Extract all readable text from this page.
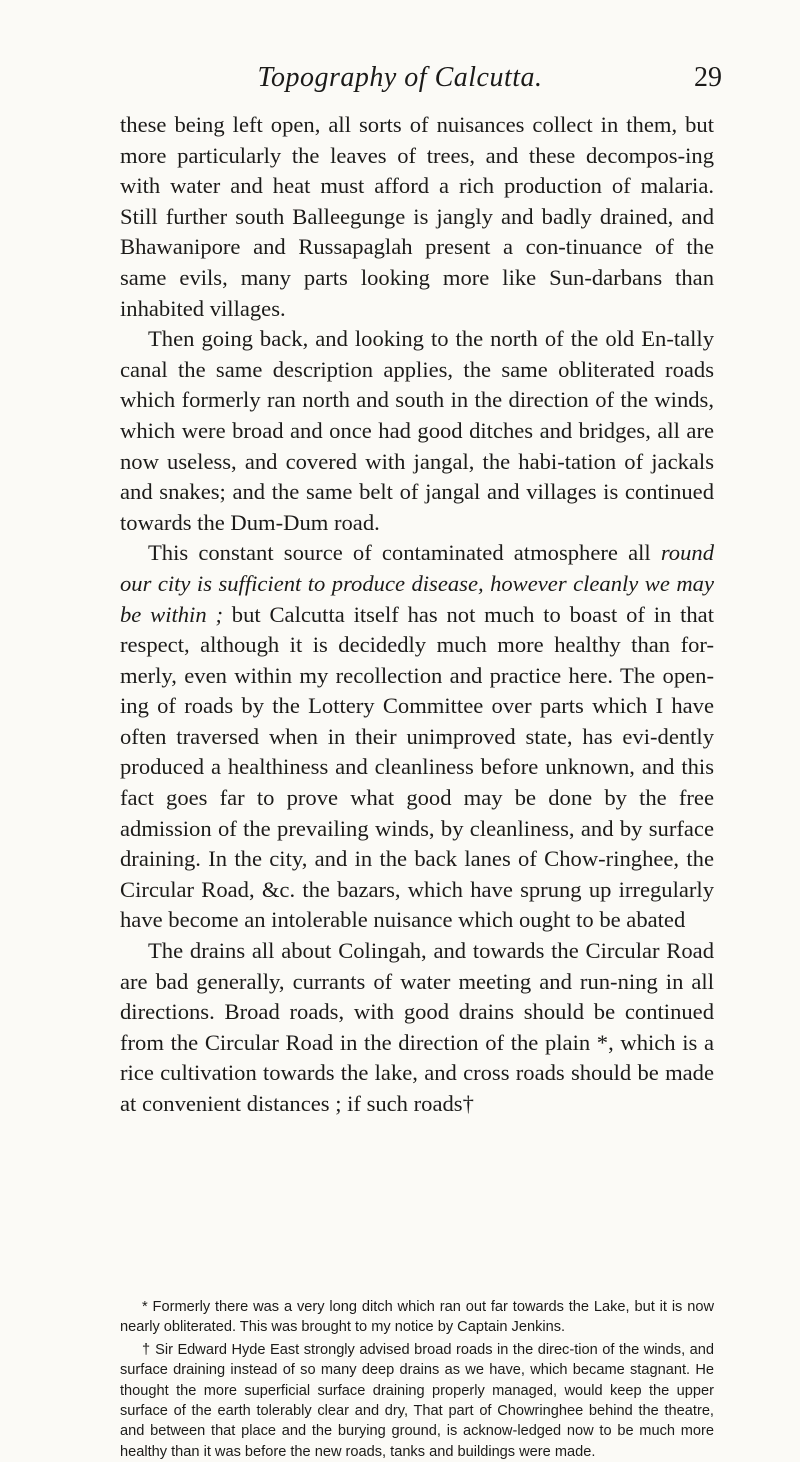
Topography of Calcutta.	29

these being left open, all sorts of nuisances collect in them, but more particularly the leaves of trees, and these decompos-ing with water and heat must afford a rich production of malaria. Still further south Balleegunge is jangly and badly drained, and Bhawanipore and Russapaglah present a con-tinuance of the same evils, many parts looking more like Sun-darbans than inhabited villages.

Then going back, and looking to the north of the old En-tally canal the same description applies, the same obliterated roads which formerly ran north and south in the direction of the winds, which were broad and once had good ditches and bridges, all are now useless, and covered with jangal, the habi-tation of jackals and snakes; and the same belt of jangal and villages is continued towards the Dum-Dum road.

This constant source of contaminated atmosphere all round our city is sufficient to produce disease, however cleanly we may be within ; but Calcutta itself has not much to boast of in that respect, although it is decidedly much more healthy than for-merly, even within my recollection and practice here. The open-ing of roads by the Lottery Committee over parts which I have often traversed when in their unimproved state, has evi-dently produced a healthiness and cleanliness before unknown, and this fact goes far to prove what good may be done by the free admission of the prevailing winds, by cleanliness, and by surface draining. In the city, and in the back lanes of Chow-ringhee, the Circular Road, &c. the bazars, which have sprung up irregularly have become an intolerable nuisance which ought to be abated

The drains all about Colingah, and towards the Circular Road are bad generally, currants of water meeting and run-ning in all directions. Broad roads, with good drains should be continued from the Circular Road in the direction of the plain *, which is a rice cultivation towards the lake, and cross roads should be made at convenient distances ; if such roads†

* Formerly there was a very long ditch which ran out far towards the Lake, but it is now nearly obliterated. This was brought to my notice by Captain Jenkins.

† Sir Edward Hyde East strongly advised broad roads in the direc-tion of the winds, and surface draining instead of so many deep drains as we have, which became stagnant. He thought the more superficial surface draining properly managed, would keep the upper surface of the earth tolerably clear and dry, That part of Chowringhee behind the theatre, and between that place and the burying ground, is acknow-ledged now to be much more healthy than it was before the new roads, tanks and buildings were made.
